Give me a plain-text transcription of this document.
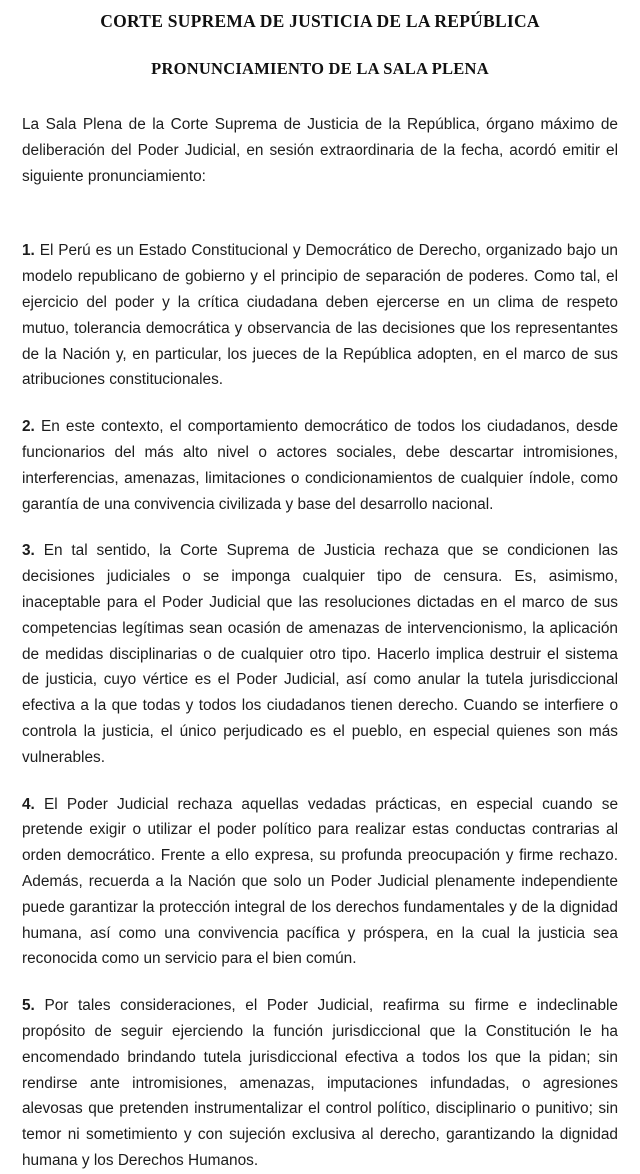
CORTE SUPREMA DE JUSTICIA DE LA REPÚBLICA
PRONUNCIAMIENTO DE LA SALA PLENA

La Sala Plena de la Corte Suprema de Justicia de la República, órgano máximo de deliberación del Poder Judicial, en sesión extraordinaria de la fecha, acordó emitir el siguiente pronunciamiento:

1. El Perú es un Estado Constitucional y Democrático de Derecho, organizado bajo un modelo republicano de gobierno y el principio de separación de poderes. Como tal, el ejercicio del poder y la crítica ciudadana deben ejercerse en un clima de respeto mutuo, tolerancia democrática y observancia de las decisiones que los representantes de la Nación y, en particular, los jueces de la República adopten, en el marco de sus atribuciones constitucionales.

2. En este contexto, el comportamiento democrático de todos los ciudadanos, desde funcionarios del más alto nivel o actores sociales, debe descartar intromisiones, interferencias, amenazas, limitaciones o condicionamientos de cualquier índole, como garantía de una convivencia civilizada y base del desarrollo nacional.

3. En tal sentido, la Corte Suprema de Justicia rechaza que se condicionen las decisiones judiciales o se imponga cualquier tipo de censura. Es, asimismo, inaceptable para el Poder Judicial que las resoluciones dictadas en el marco de sus competencias legítimas sean ocasión de amenazas de intervencionismo, la aplicación de medidas disciplinarias o de cualquier otro tipo. Hacerlo implica destruir el sistema de justicia, cuyo vértice es el Poder Judicial, así como anular la tutela jurisdiccional efectiva a la que todas y todos los ciudadanos tienen derecho. Cuando se interfiere o controla la justicia, el único perjudicado es el pueblo, en especial quienes son más vulnerables.

4. El Poder Judicial rechaza aquellas vedadas prácticas, en especial cuando se pretende exigir o utilizar el poder político para realizar estas conductas contrarias al orden democrático. Frente a ello expresa, su profunda preocupación y firme rechazo. Además, recuerda a la Nación que solo un Poder Judicial plenamente independiente puede garantizar la protección integral de los derechos fundamentales y de la dignidad humana, así como una convivencia pacífica y próspera, en la cual la justicia sea reconocida como un servicio para el bien común.

5. Por tales consideraciones, el Poder Judicial, reafirma su firme e indeclinable propósito de seguir ejerciendo la función jurisdiccional que la Constitución le ha encomendado brindando tutela jurisdiccional efectiva a todos los que la pidan; sin rendirse ante intromisiones, amenazas, imputaciones infundadas, o agresiones alevosas que pretenden instrumentalizar el control político, disciplinario o punitivo; sin temor ni sometimiento y con sujeción exclusiva al derecho, garantizando la dignidad humana y los Derechos Humanos.
